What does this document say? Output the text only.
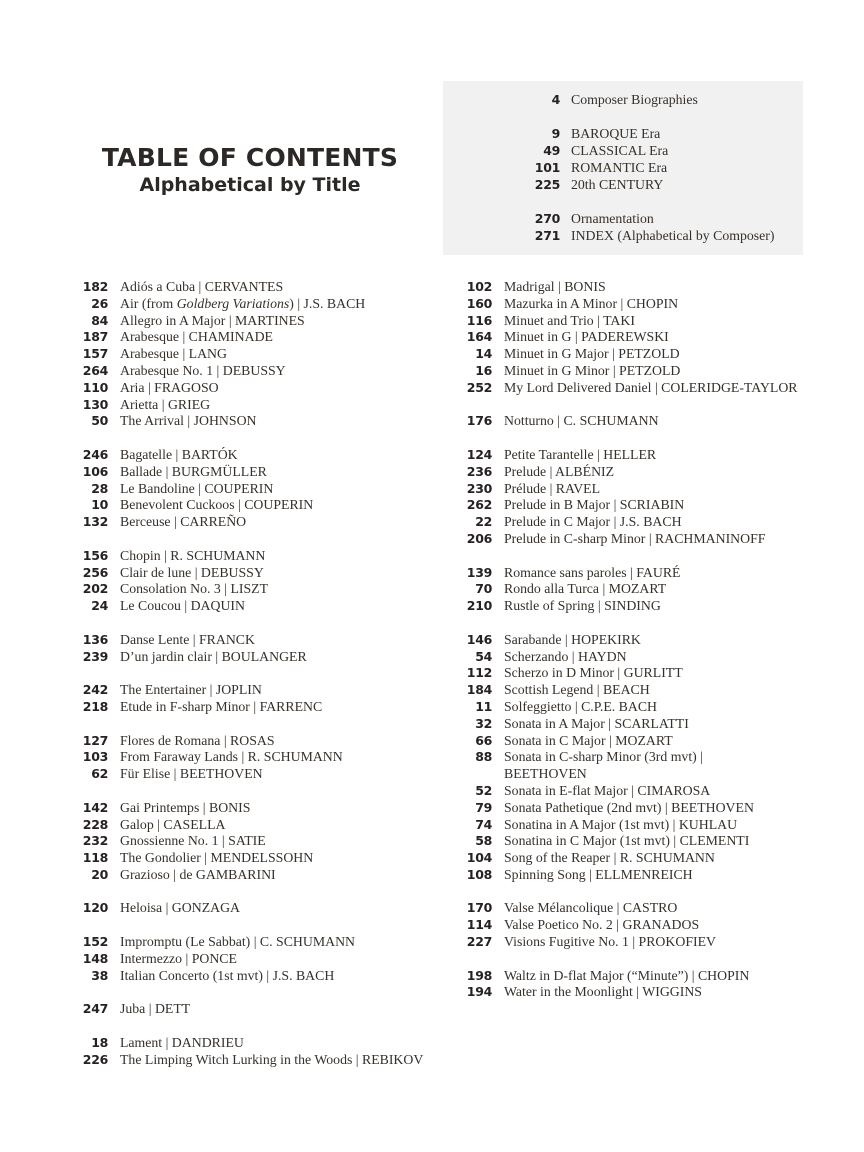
TABLE OF CONTENTS
Alphabetical by Title
4 Composer Biographies
9 BAROQUE Era
49 CLASSICAL Era
101 ROMANTIC Era
225 20th CENTURY
270 Ornamentation
271 INDEX (Alphabetical by Composer)
182 Adiós a Cuba | CERVANTES
26 Air (from Goldberg Variations) | J.S. BACH
84 Allegro in A Major | MARTINES
187 Arabesque | CHAMINADE
157 Arabesque | LANG
264 Arabesque No. 1 | DEBUSSY
110 Aria | FRAGOSO
130 Arietta | GRIEG
50 The Arrival | JOHNSON
246 Bagatelle | BARTÓK
106 Ballade | BURGMÜLLER
28 Le Bandoline | COUPERIN
10 Benevolent Cuckoos | COUPERIN
132 Berceuse | CARREÑO
156 Chopin | R. SCHUMANN
256 Clair de lune | DEBUSSY
202 Consolation No. 3 | LISZT
24 Le Coucou | DAQUIN
136 Danse Lente | FRANCK
239 D’un jardin clair | BOULANGER
242 The Entertainer | JOPLIN
218 Etude in F-sharp Minor | FARRENC
127 Flores de Romana | ROSAS
103 From Faraway Lands | R. SCHUMANN
62 Für Elise | BEETHOVEN
142 Gai Printemps | BONIS
228 Galop | CASELLA
232 Gnossienne No. 1 | SATIE
118 The Gondolier | MENDELSSOHN
20 Grazioso | de GAMBARINI
120 Heloisa | GONZAGA
152 Impromptu (Le Sabbat) | C. SCHUMANN
148 Intermezzo | PONCE
38 Italian Concerto (1st mvt) | J.S. BACH
247 Juba | DETT
18 Lament | DANDRIEU
226 The Limping Witch Lurking in the Woods | REBIKOV
102 Madrigal | BONIS
160 Mazurka in A Minor | CHOPIN
116 Minuet and Trio | TAKI
164 Minuet in G | PADEREWSKI
14 Minuet in G Major | PETZOLD
16 Minuet in G Minor | PETZOLD
252 My Lord Delivered Daniel | COLERIDGE-TAYLOR
176 Notturno | C. SCHUMANN
124 Petite Tarantelle | HELLER
236 Prelude | ALBÉNIZ
230 Prélude | RAVEL
262 Prelude in B Major | SCRIABIN
22 Prelude in C Major | J.S. BACH
206 Prelude in C-sharp Minor | RACHMANINOFF
139 Romance sans paroles | FAURÉ
70 Rondo alla Turca | MOZART
210 Rustle of Spring | SINDING
146 Sarabande | HOPEKIRK
54 Scherzando | HAYDN
112 Scherzo in D Minor | GURLITT
184 Scottish Legend | BEACH
11 Solfeggietto | C.P.E. BACH
32 Sonata in A Major | SCARLATTI
66 Sonata in C Major | MOZART
88 Sonata in C-sharp Minor (3rd mvt) |
BEETHOVEN
52 Sonata in E-flat Major | CIMAROSA
79 Sonata Pathetique (2nd mvt) | BEETHOVEN
74 Sonatina in A Major (1st mvt) | KUHLAU
58 Sonatina in C Major (1st mvt) | CLEMENTI
104 Song of the Reaper | R. SCHUMANN
108 Spinning Song | ELLMENREICH
170 Valse Mélancolique | CASTRO
114 Valse Poetico No. 2 | GRANADOS
227 Visions Fugitive No. 1 | PROKOFIEV
198 Waltz in D-flat Major (“Minute”) | CHOPIN
194 Water in the Moonlight | WIGGINS
